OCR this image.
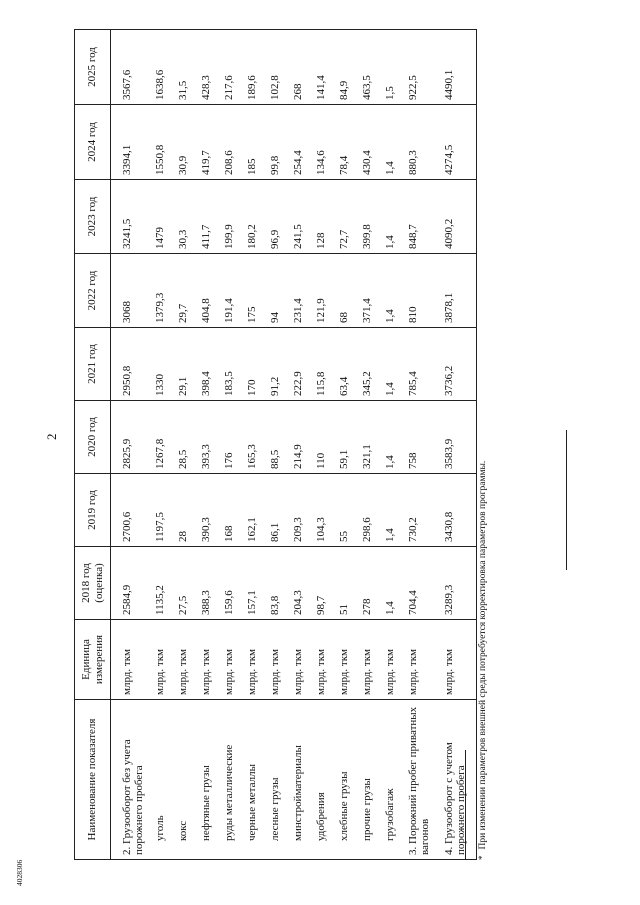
2
Наименование показателя	Единица измерения	2018 год (оценка)	2019 год	2020 год	2021 год	2022 год	2023 год	2024 год	2025 год
2. Грузооборот без учета порожнего пробега	млрд. ткм	2584,9	2700,6	2825,9	2950,8	3068	3241,5	3394,1	3567,6
уголь	млрд. ткм	1135,2	1197,5	1267,8	1330	1379,3	1479	1550,8	1638,6
кокс	млрд. ткм	27,5	28	28,5	29,1	29,7	30,3	30,9	31,5
нефтяные грузы	млрд. ткм	388,3	390,3	393,3	398,4	404,8	411,7	419,7	428,3
руды металлические	млрд. ткм	159,6	168	176	183,5	191,4	199,9	208,6	217,6
черные металлы	млрд. ткм	157,1	162,1	165,3	170	175	180,2	185	189,6
лесные грузы	млрд. ткм	83,8	86,1	88,5	91,2	94	96,9	99,8	102,8
минстройматериалы	млрд. ткм	204,3	209,3	214,9	222,9	231,4	241,5	254,4	268
удобрения	млрд. ткм	98,7	104,3	110	115,8	121,9	128	134,6	141,4
хлебные грузы	млрд. ткм	51	55	59,1	63,4	68	72,7	78,4	84,9
прочие грузы	млрд. ткм	278	298,6	321,1	345,2	371,4	399,8	430,4	463,5
грузобагаж	млрд. ткм	1,4	1,4	1,4	1,4	1,4	1,4	1,4	1,5
3. Порожний пробег приватных вагонов	млрд. ткм	704,4	730,2	758	785,4	810	848,7	880,3	922,5
4. Грузооборот с учетом порожнего пробега	млрд. ткм	3289,3	3430,8	3583,9	3736,2	3878,1	4090,2	4274,5	4490,1
*При изменении параметров внешней среды потребуется корректировка параметров программы.
4028306
